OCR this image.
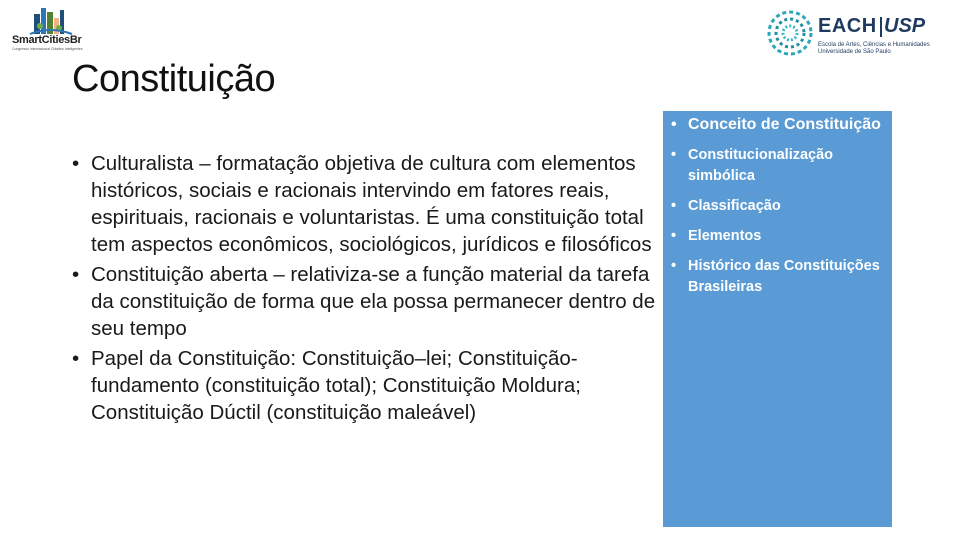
SmartCitiesBr
Congresso Internacional Cidades Inteligentes
EACH USP
Escola de Artes, Ciências e Humanidades Universidade de São Paulo
Constituição
• Culturalista – formatação objetiva de cultura com elementos históricos, sociais e racionais intervindo em fatores reais, espirituais, racionais e voluntaristas. É uma constituição total tem aspectos econômicos, sociológicos, jurídicos e filosóficos
• Constituição aberta – relativiza-se a função material da tarefa da constituição de forma que ela possa permanecer dentro de seu tempo
• Papel da Constituição: Constituição–lei; Constituição-fundamento (constituição total); Constituição Moldura; Constituição Dúctil (constituição maleável)
• Conceito de Constituição
• Constitucionalização simbólica
• Classificação
• Elementos
• Histórico das Constituições Brasileiras
